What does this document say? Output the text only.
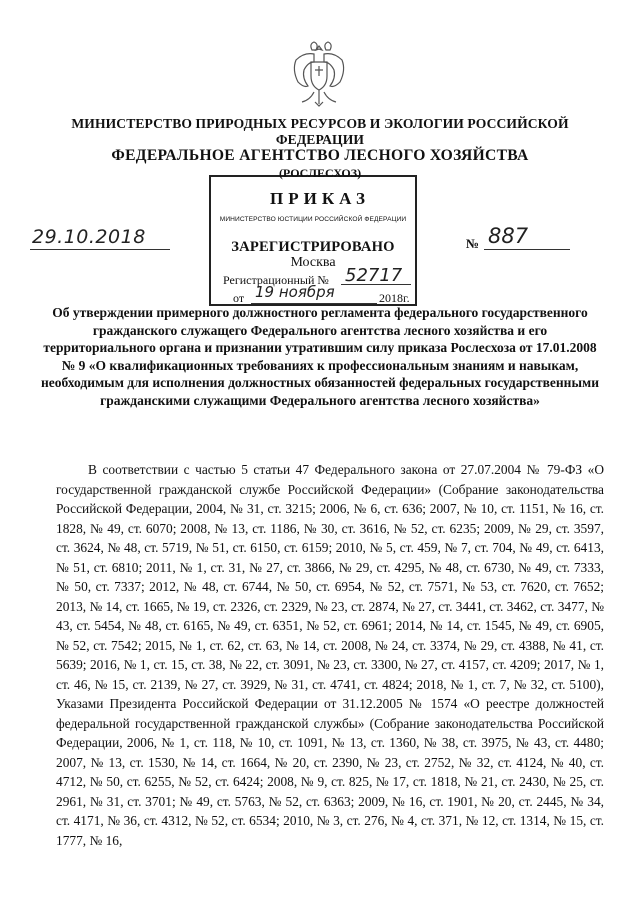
МИНИСТЕРСТВО ПРИРОДНЫХ РЕСУРСОВ И ЭКОЛОГИИ РОССИЙСКОЙ ФЕДЕРАЦИИ
ФЕДЕРАЛЬНОЕ АГЕНТСТВО ЛЕСНОГО ХОЗЯЙСТВА
МИНИСТЕРСТВО ЮСТИЦИИ РОССИЙСКОЙ ФЕДЕРАЦИИ
ЗАРЕГИСТРИРОВАНО
Москва
Регистрационный № 52717
от 19 ноября	2018г.
(РОСЛЕСХОЗ)
ПРИКАЗ
29.10.2018	№ 887
Об утверждении примерного должностного регламента федерального государственного гражданского служащего Федерального агентства лесного хозяйства и его территориального органа и признании утратившим силу приказа Рослесхоза от 17.01.2008 № 9 «О квалификационных требованиях к профессиональным знаниям и навыкам, необходимым для исполнения должностных обязанностей федеральных государственными гражданскими служащими Федерального агентства лесного хозяйства»
В соответствии с частью 5 статьи 47 Федерального закона от 27.07.2004 № 79-ФЗ «О государственной гражданской службе Российской Федерации» (Собрание законодательства Российской Федерации, 2004, № 31, ст. 3215; 2006, № 6, ст. 636; 2007, № 10, ст. 1151, № 16, ст. 1828, № 49, ст. 6070; 2008, № 13, ст. 1186, № 30, ст. 3616, № 52, ст. 6235; 2009, № 29, ст. 3597, ст. 3624, № 48, ст. 5719, № 51, ст. 6150, ст. 6159; 2010, № 5, ст. 459, № 7, ст. 704, № 49, ст. 6413, № 51, ст. 6810; 2011, № 1, ст. 31, № 27, ст. 3866, № 29, ст. 4295, № 48, ст. 6730, № 49, ст. 7333, № 50, ст. 7337; 2012, № 48, ст. 6744, № 50, ст. 6954, № 52, ст. 7571, № 53, ст. 7620, ст. 7652; 2013, № 14, ст. 1665, № 19, ст. 2326, ст. 2329, № 23, ст. 2874, № 27, ст. 3441, ст. 3462, ст. 3477, № 43, ст. 5454, № 48, ст. 6165, № 49, ст. 6351, № 52, ст. 6961; 2014, № 14, ст. 1545, № 49, ст. 6905, № 52, ст. 7542; 2015, № 1, ст. 62, ст. 63, № 14, ст. 2008, № 24, ст. 3374, № 29, ст. 4388, № 41, ст. 5639; 2016, № 1, ст. 15, ст. 38, № 22, ст. 3091, № 23, ст. 3300, № 27, ст. 4157, ст. 4209; 2017, № 1, ст. 46, № 15, ст. 2139, № 27, ст. 3929, № 31, ст. 4741, ст. 4824; 2018, № 1, ст. 7, № 32, ст. 5100), Указами Президента Российской Федерации от 31.12.2005 № 1574 «О реестре должностей федеральной государственной гражданской службы» (Собрание законодательства Российской Федерации, 2006, № 1, ст. 118, № 10, ст. 1091, № 13, ст. 1360, № 38, ст. 3975, № 43, ст. 4480; 2007, № 13, ст. 1530, № 14, ст. 1664, № 20, ст. 2390, № 23, ст. 2752, № 32, ст. 4124, № 40, ст. 4712, № 50, ст. 6255, № 52, ст. 6424; 2008, № 9, ст. 825, № 17, ст. 1818, № 21, ст. 2430, № 25, ст. 2961, № 31, ст. 3701; № 49, ст. 5763, № 52, ст. 6363; 2009, № 16, ст. 1901, № 20, ст. 2445, № 34, ст. 4171, № 36, ст. 4312, № 52, ст. 6534; 2010, № 3, ст. 276, № 4, ст. 371, № 12, ст. 1314, № 15, ст. 1777, № 16,
